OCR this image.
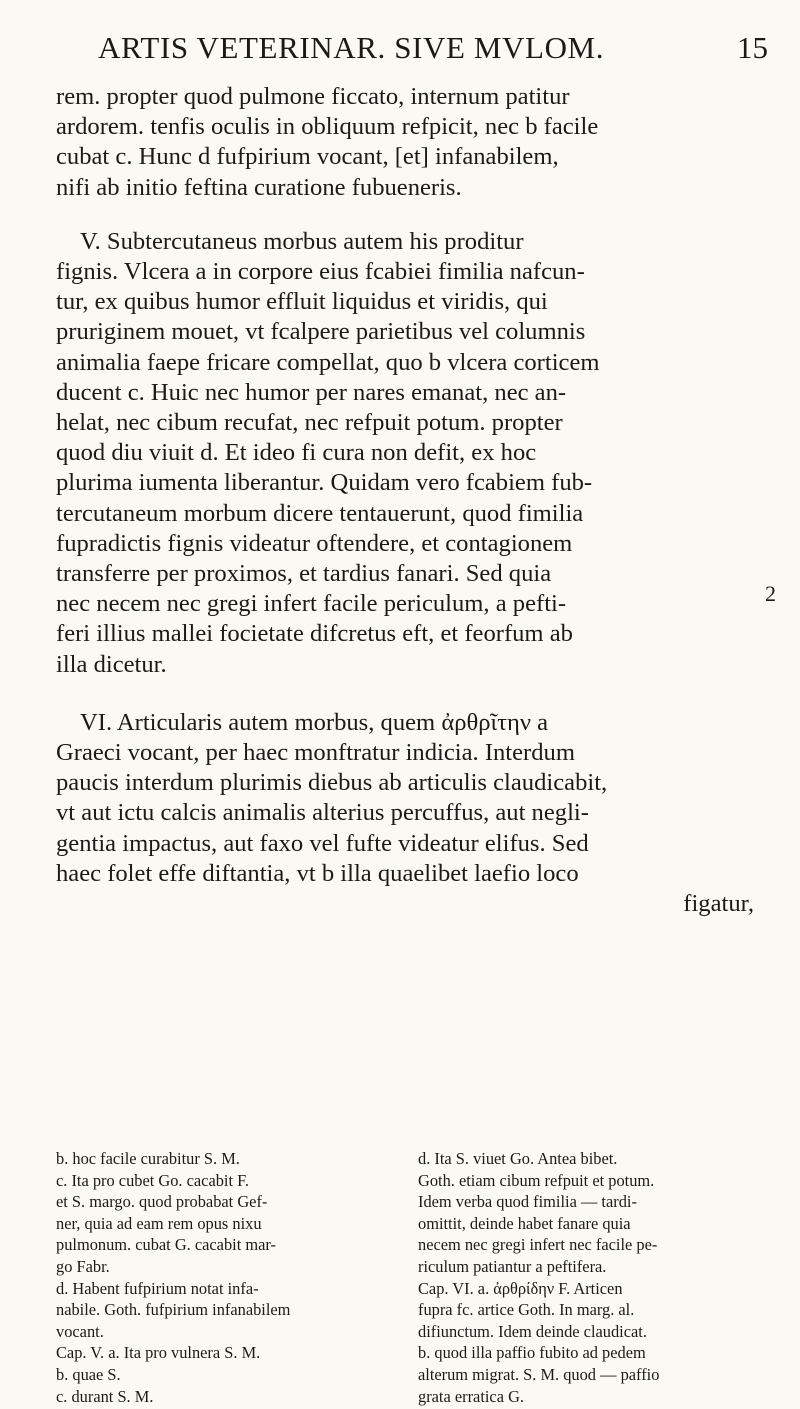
ARTIS VETERINAR. SIVE MVLOM.	15

rem. propter quod pulmone ficcato, internum patitur

ardorem. tenfis oculis in obliquum refpicit, nec b facile

cubat c. Hunc d fufpirium vocant, [et] infanabilem,

nifi ab initio feftina curatione fubueneris.

V. Subtercutaneus morbus autem his proditur

fignis. Vlcera a in corpore eius fcabiei fimilia nafcun-

tur, ex quibus humor effluit liquidus et viridis, qui

pruriginem mouet, vt fcalpere parietibus vel columnis

animalia faepe fricare compellat, quo b vlcera corticem

ducent c. Huic nec humor per nares emanat, nec an-

helat, nec cibum recufat, nec refpuit potum. propter

quod diu viuit d. Et ideo fi cura non defit, ex hoc

plurima iumenta liberantur. Quidam vero fcabiem fub-

tercutaneum morbum dicere tentauerunt, quod fimilia

fupradictis fignis videatur oftendere, et contagionem

transferre per proximos, et tardius fanari. Sed quia

nec necem nec gregi infert facile periculum, a pefti-

feri illius mallei focietate difcretus eft, et feorfum ab

illa dicetur.

VI. Articularis autem morbus, quem ἀρθρῖτην a

Graeci vocant, per haec monftratur indicia. Interdum

paucis interdum plurimis diebus ab articulis claudicabit,

vt aut ictu calcis animalis alterius percuffus, aut negli-

gentia impactus, aut faxo vel fufte videatur elifus. Sed

haec folet effe diftantia, vt b illa quaelibet laefio loco

figatur,

2

b. hoc facile curabitur S. M.

c. Ita pro cubet Go. cacabit F.

et S. margo. quod probabat Gef-

ner, quia ad eam rem opus nixu

pulmonum. cubat G. cacabit mar-

go Fabr.

d. Habent fufpirium notat infa-

nabile. Goth. fufpirium infanabilem

vocant.

Cap. V. a. Ita pro vulnera S. M.

b. quae S.

c. durant S. M.

d. Ita S. viuet Go. Antea bibet.

Goth. etiam cibum refpuit et potum.

Idem verba quod fimilia — tardi-

omittit, deinde habet fanare quia

necem nec gregi infert nec facile pe-

riculum patiantur a peftifera.

Cap. VI. a. ἀρθρίδην F. Articen

fupra fc. artice Goth. In marg. al.

difiunctum. Idem deinde claudicat.

b. quod illa paffio fubito ad pedem

alterum migrat. S. M. quod — paffio

grata erratica G.
